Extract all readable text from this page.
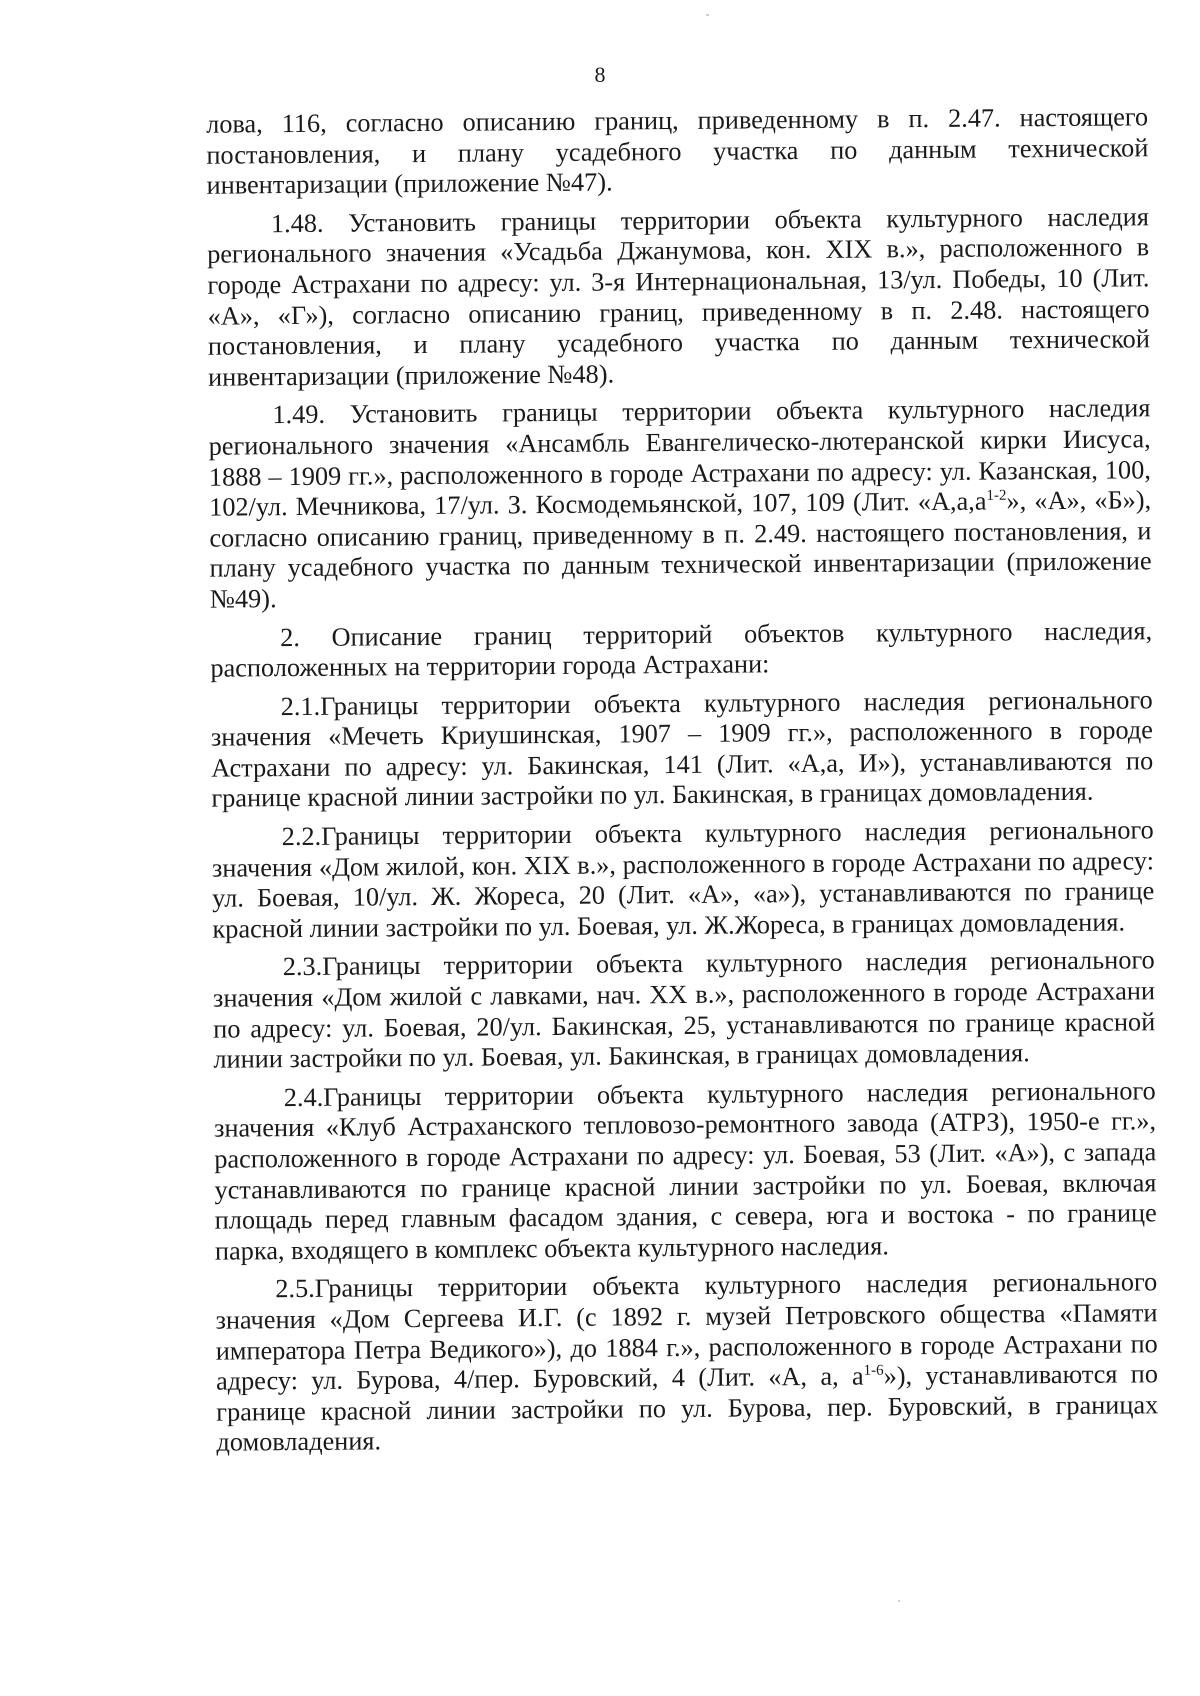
8

лова, 116, согласно описанию границ, приведенному в п. 2.47. настоящего постановления, и плану усадебного участка по данным технической инвентаризации (приложение №47).

1.48. Установить границы территории объекта культурного наследия регионального значения «Усадьба Джанумова, кон. XIX в.», расположенного в городе Астрахани по адресу: ул. 3-я Интернациональная, 13/ул. Победы, 10 (Лит. «А», «Г»), согласно описанию границ, приведенному в п. 2.48. настоящего постановления, и плану усадебного участка по данным технической инвентаризации (приложение №48).

1.49. Установить границы территории объекта культурного наследия регионального значения «Ансамбль Евангелическо-лютеранской кирки Иисуса, 1888 – 1909 гг.», расположенного в городе Астрахани по адресу: ул. Казанская, 100, 102/ул. Мечникова, 17/ул. З. Космодемьянской, 107, 109 (Лит. «$А,а,а^{1-2}$», «А», «Б»), согласно описанию границ, приведенному в п. 2.49. настоящего постановления, и плану усадебного участка по данным технической инвентаризации (приложение №49).

2. Описание границ территорий объектов культурного наследия, расположенных на территории города Астрахани:

2.1.Границы территории объекта культурного наследия регионального значения «Мечеть Криушинская, 1907 – 1909 гг.», расположенного в городе Астрахани по адресу: ул. Бакинская, 141 (Лит. «А,а, И»), устанавливаются по границе красной линии застройки по ул. Бакинская, в границах домовладения.

2.2.Границы территории объекта культурного наследия регионального значения «Дом жилой, кон. XIX в.», расположенного в городе Астрахани по адресу: ул. Боевая, 10/ул. Ж. Жореса, 20 (Лит. «А», «а»), устанавливаются по границе красной линии застройки по ул. Боевая, ул. Ж.Жореса, в границах домовладения.

2.3.Границы территории объекта культурного наследия регионального значения «Дом жилой с лавками, нач. XX в.», расположенного в городе Астрахани по адресу: ул. Боевая, 20/ул. Бакинская, 25, устанавливаются по границе красной линии застройки по ул. Боевая, ул. Бакинская, в границах домовладения.

2.4.Границы территории объекта культурного наследия регионального значения «Клуб Астраханского тепловозо-ремонтного завода (АТРЗ), 1950-е гг.», расположенного в городе Астрахани по адресу: ул. Боевая, 53 (Лит. «А»), с запада устанавливаются по границе красной линии застройки по ул. Боевая, включая площадь перед главным фасадом здания, с севера, юга и востока - по границе парка, входящего в комплекс объекта культурного наследия.

2.5.Границы территории объекта культурного наследия регионального значения «Дом Сергеева И.Г. (с 1892 г. музей Петровского общества «Памяти императора Петра Ведикого»), до 1884 г.», расположенного в городе Астрахани по адресу: ул. Бурова, 4/пер. Буровский, 4 (Лит. «А, а, $а^{1-6}$»), устанавливаются по границе красной линии застройки по ул. Бурова, пер. Буровский, в границах домовладения.
